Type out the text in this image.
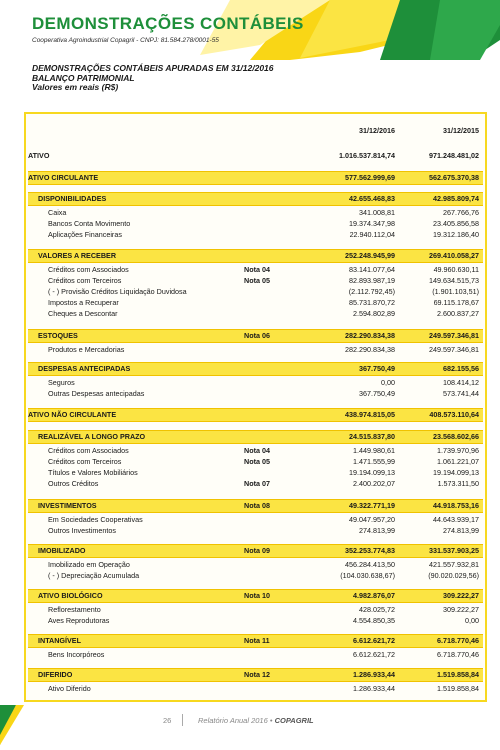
DEMONSTRAÇÕES CONTÁBEIS
Cooperativa Agroindustrial Copagril - CNPJ: 81.584.278/0001-55
DEMONSTRAÇÕES CONTÁBEIS APURADAS EM 31/12/2016
BALANÇO PATRIMONIAL
Valores em reais (R$)
31/12/2016	31/12/2015
ATIVO	1.016.537.814,74	971.248.481,02
ATIVO CIRCULANTE	577.562.999,69	562.675.370,38
DISPONIBILIDADES	42.655.468,83	42.985.809,74
Caixa	341.008,81	267.766,76
Bancos Conta Movimento	19.374.347,98	23.405.856,58
Aplicações Financeiras	22.940.112,04	19.312.186,40
VALORES A RECEBER	252.248.945,99	269.410.058,27
Créditos com Associados	Nota 04	83.141.077,64	49.960.630,11
Créditos com Terceiros	Nota 05	82.893.987,19	149.634.515,73
( - ) Provisão Créditos Liquidação Duvidosa	(2.112.792,45)	(1.901.103,51)
Impostos a Recuperar	85.731.870,72	69.115.178,67
Cheques a Descontar	2.594.802,89	2.600.837,27
ESTOQUES	Nota 06	282.290.834,38	249.597.346,81
Produtos e Mercadorias	282.290.834,38	249.597.346,81
DESPESAS ANTECIPADAS	367.750,49	682.155,56
Seguros	0,00	108.414,12
Outras Despesas antecipadas	367.750,49	573.741,44
ATIVO NÃO CIRCULANTE	438.974.815,05	408.573.110,64
REALIZÁVEL A LONGO PRAZO	24.515.837,80	23.568.602,66
Créditos com Associados	Nota 04	1.449.980,61	1.739.970,96
Créditos com Terceiros	Nota 05	1.471.555,99	1.061.221,07
Títulos e Valores Mobiliários	19.194.099,13	19.194.099,13
Outros Créditos	Nota 07	2.400.202,07	1.573.311,50
INVESTIMENTOS	Nota 08	49.322.771,19	44.918.753,16
Em Sociedades Cooperativas	49.047.957,20	44.643.939,17
Outros Investimentos	274.813,99	274.813,99
IMOBILIZADO	Nota 09	352.253.774,83	331.537.903,25
Imobilizado em Operação	456.284.413,50	421.557.932,81
( - ) Depreciação Acumulada	(104.030.638,67)	(90.020.029,56)
ATIVO BIOLÓGICO	Nota 10	4.982.876,07	309.222,27
Reflorestamento	428.025,72	309.222,27
Aves Reprodutoras	4.554.850,35	0,00
INTANGÍVEL	Nota 11	6.612.621,72	6.718.770,46
Bens Incorpóreos	6.612.621,72	6.718.770,46
DIFERIDO	Nota 12	1.286.933,44	1.519.858,84
Ativo Diferido	1.286.933,44	1.519.858,84
26	Relatório Anual 2016 • COPAGRIL
